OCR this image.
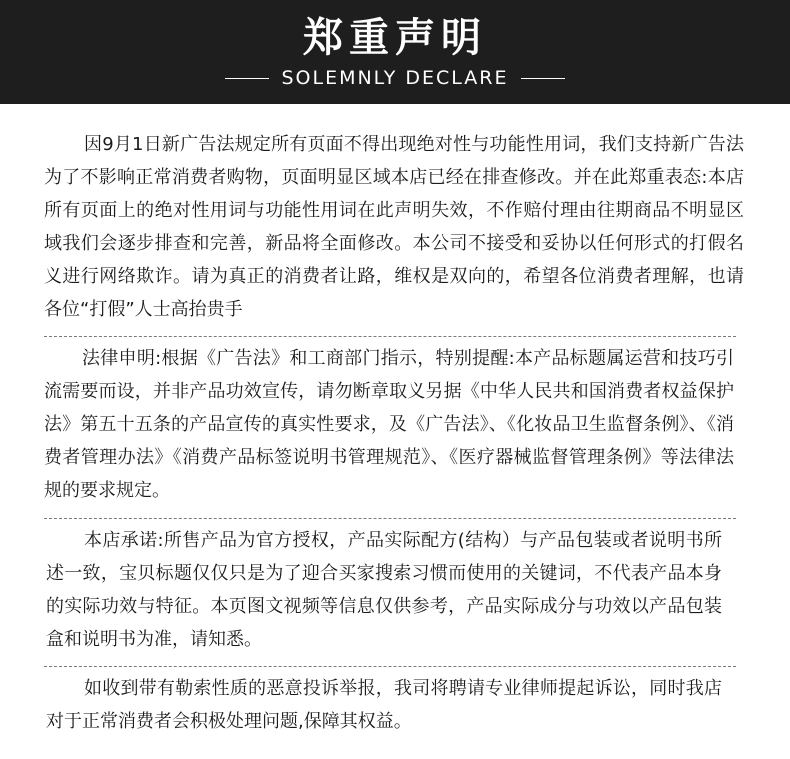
郑重声明
SOLEMNLY DECLARE
因9月1日新广告法规定所有页面不得出现绝对性与功能性用词，我们支持新广告法为了不影响正常消费者购物，页面明显区域本店已经在排查修改。并在此郑重表态:本店所有页面上的绝对性用词与功能性用词在此声明失效，不作赔付理由往期商品不明显区域我们会逐步排查和完善，新品将全面修改。本公司不接受和妥协以任何形式的打假名义进行网络欺诈。请为真正的消费者让路，维权是双向的，希望各位消费者理解，也请各位“打假”人士高抬贵手
法律申明:根据《广告法》和工商部门指示，特别提醒:本产品标题属运营和技巧引流需要而设，并非产品功效宣传，请勿断章取义另据《中华人民共和国消费者权益保护法》第五十五条的产品宣传的真实性要求，及《广告法》、《化妆品卫生监督条例》、《消费者管理办法》《消费产品标签说明书管理规范》、《医疗器械监督管理条例》等法律法规的要求规定。
本店承诺:所售产品为官方授权，产品实际配方(结构）与产品包装或者说明书所述一致，宝贝标题仅仅只是为了迎合买家搜索习惯而使用的关键词，不代表产品本身的实际功效与特征。本页图文视频等信息仅供参考，产品实际成分与功效以产品包装盒和说明书为准，请知悉。
如收到带有勒索性质的恶意投诉举报，我司将聘请专业律师提起诉讼，同时我店对于正常消费者会积极处理问题,保障其权益。
